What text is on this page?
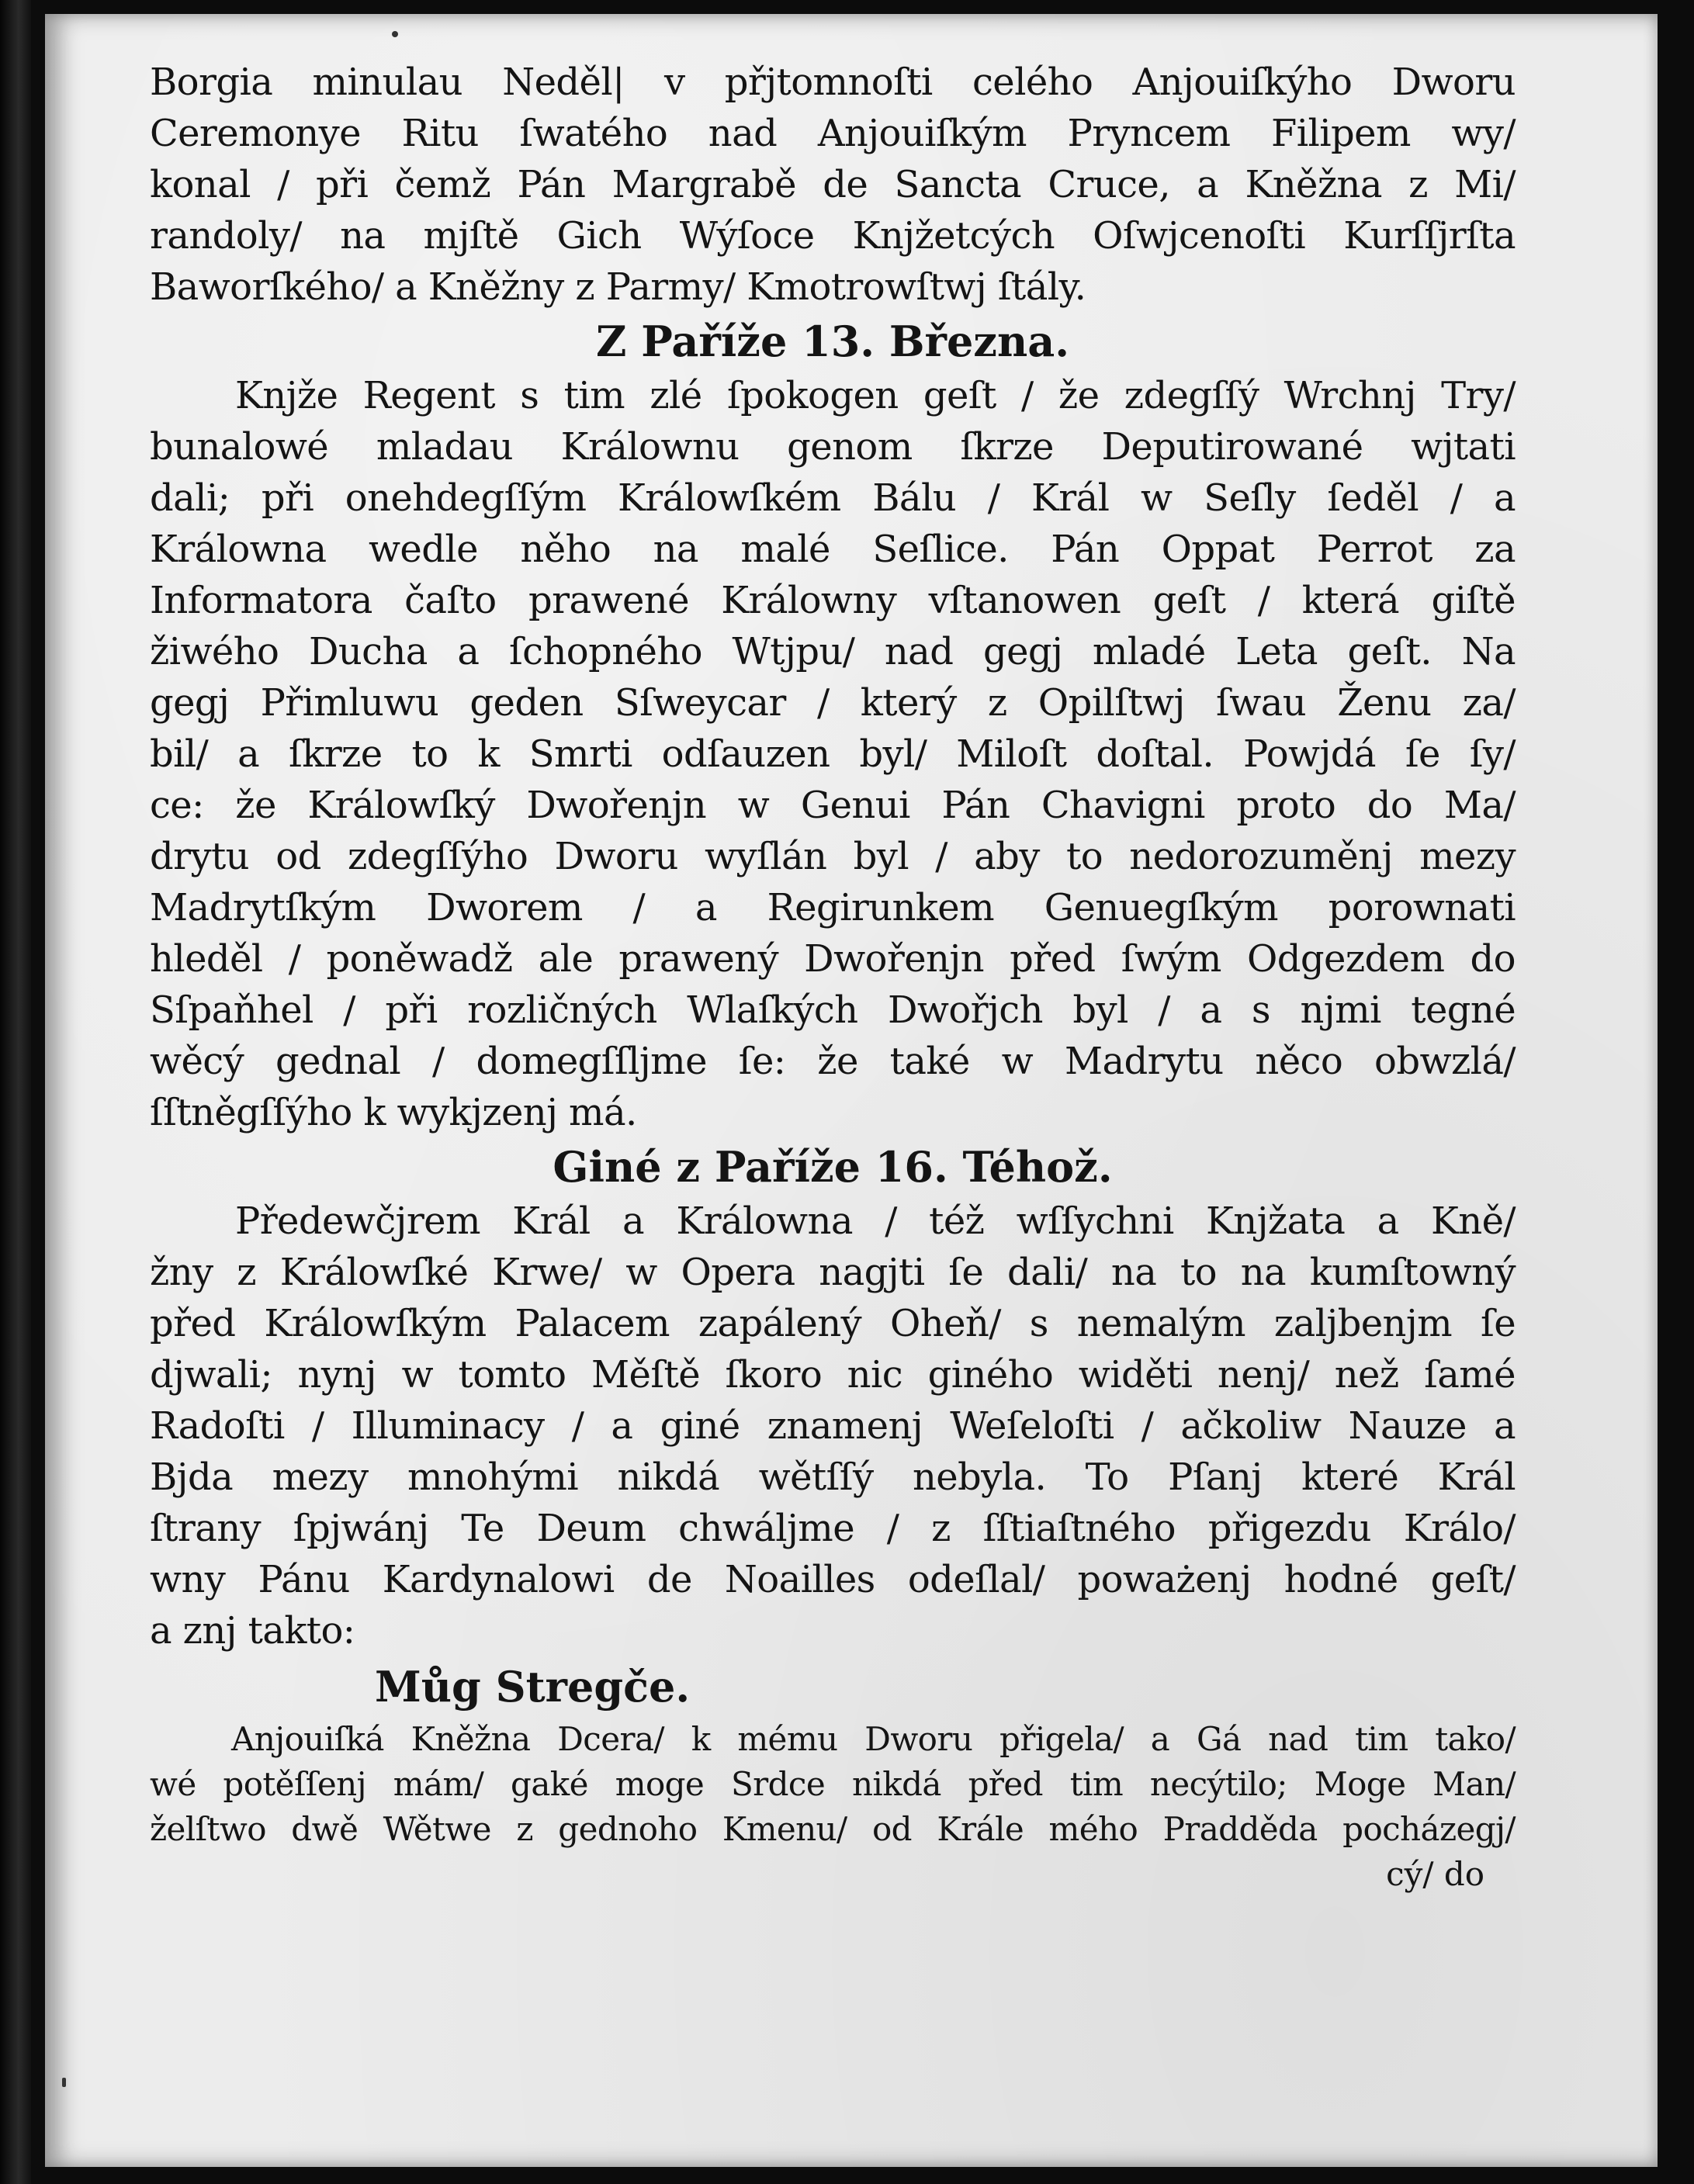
Borgia minulau Neděl| v přjtomnoſti celého Anjouiſkýho Dworu
Ceremonye Ritu ſwatého nad Anjouiſkým Pryncem Filipem wy/
konal / při čemž Pán Margrabě de Sancta Cruce, a Kněžna z Mi/
randoly/ na mjſtě Gich Wýſoce Knjžetcých Oſwjcenoſti Kurſſjrſta
Baworſkého/ a Kněžny z Parmy/ Kmotrowſtwj ſtály.
Z Paříže 13. Března.
Knjže Regent s tim zlé ſpokogen geſt / že zdegſſý Wrchnj Try/
bunalowé mladau Králownu genom ſkrze Deputirowané wjtati
dali; při onehdegſſým Králowſkém Bálu / Král w Seſly ſeděl / a
Králowna wedle něho na malé Seſlice. Pán Oppat Perrot za
Informatora čaſto prawené Králowny vſtanowen geſt / která giſtě
žiwého Ducha a ſchopného Wtjpu/ nad gegj mladé Leta geſt. Na
gegj Přimluwu geden Sſweycar / který z Opilſtwj ſwau Ženu za/
bil/ a ſkrze to k Smrti odſauzen byl/ Miloſt doſtal. Powjdá ſe ſy/
ce: že Králowſký Dwořenjn w Genui Pán Chavigni proto do Ma/
drytu od zdegſſýho Dworu wyſlán byl / aby to nedorozuměnj mezy
Madrytſkým Dworem / a Regirunkem Genuegſkým porownati
hleděl / poněwadž ale prawený Dwořenjn před ſwým Odgezdem do
Sſpaňhel / při rozličných Wlaſkých Dwořjch byl / a s njmi tegné
wěcý gednal / domegſſljme ſe: že také w Madrytu něco obwzlá/
ſſtněgſſýho k wykjzenj má.
Giné z Paříže 16. Téhož.
Předewčjrem Král a Králowna / též wſſychni Knjžata a Kně/
žny z Králowſké Krwe/ w Opera nagjti ſe dali/ na to na kumſtowný
před Králowſkým Palacem zapálený Oheň/ s nemalým zaljbenjm ſe
djwali; nynj w tomto Měſtě ſkoro nic giného widěti nenj/ než ſamé
Radoſti / Illuminacy / a giné znamenj Weſeloſti / ačkoliw Nauze a
Bjda mezy mnohými nikdá wětſſý nebyla. To Pſanj které Král
ſtrany ſpjwánj Te Deum chwáljme / z ſſtiaſtného přigezdu Králo/
wny Pánu Kardynalowi de Noailles odeſlal/ poważenj hodné geſt/
a znj takto:
Můg Stregče.
Anjouiſká Kněžna Dcera/ k mému Dworu přigela/ a Gá nad tim tako/
wé potěſſenj mám/ gaké moge Srdce nikdá před tim necýtilo; Moge Man/
želſtwo dwě Wětwe z gednoho Kmenu/ od Krále mého Pradděda pocházegj/
cý/ do
